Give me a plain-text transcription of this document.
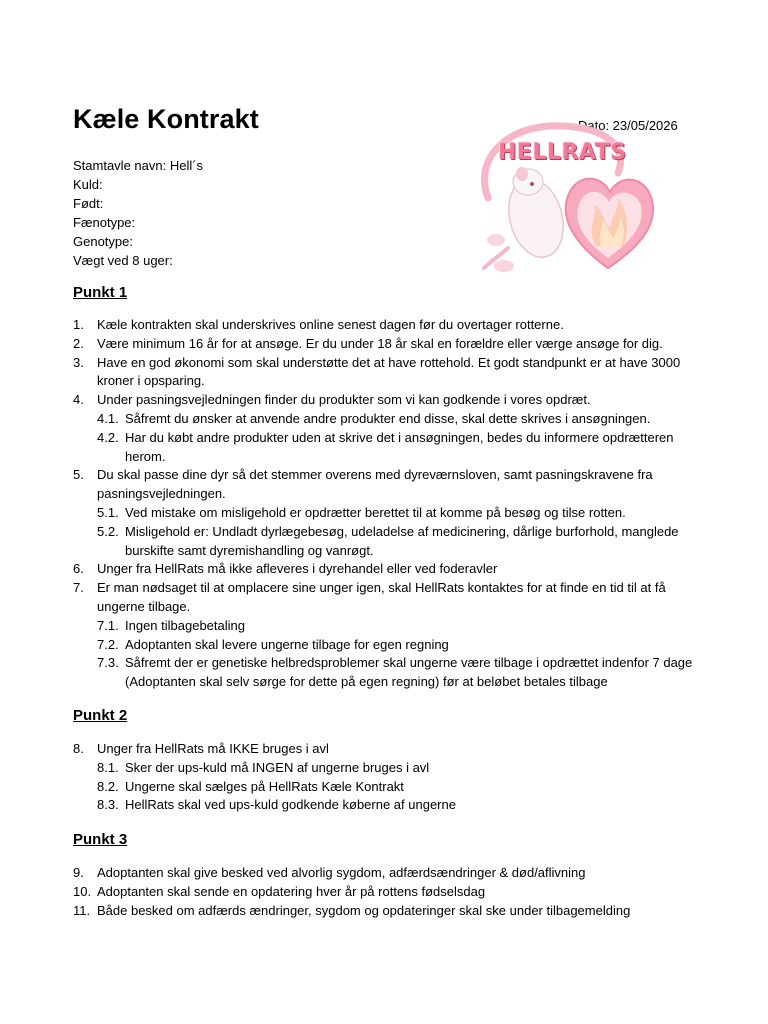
Kæle Kontrakt	Dato: 23/05/2026
HELLRATS
Stamtavle navn: Hell´s
Kuld:
Født:
Fænotype:
Genotype:
Vægt ved 8 uger:
Punkt 1
1. Kæle kontrakten skal underskrives online senest dagen før du overtager rotterne.
2. Være minimum 16 år for at ansøge. Er du under 18 år skal en forældre eller værge ansøge for dig.
3. Have en god økonomi som skal understøtte det at have rottehold. Et godt standpunkt er at have 3000 kroner i opsparing.
4. Under pasningsvejledningen finder du produkter som vi kan godkende i vores opdræt.
4.1. Såfremt du ønsker at anvende andre produkter end disse, skal dette skrives i ansøgningen.
4.2. Har du købt andre produkter uden at skrive det i ansøgningen, bedes du informere opdrætteren herom.
5. Du skal passe dine dyr så det stemmer overens med dyreværnsloven, samt pasningskravene fra pasningsvejledningen.
5.1. Ved mistake om misligehold er opdrætter berettet til at komme på besøg og tilse rotten.
5.2. Misligehold er: Undladt dyrlægebesøg, udeladelse af medicinering, dårlige burforhold, manglede burskifte samt dyremishandling og vanrøgt.
6. Unger fra HellRats må ikke afleveres i dyrehandel eller ved foderavler
7. Er man nødsaget til at omplacere sine unger igen, skal HellRats kontaktes for at finde en tid til at få ungerne tilbage.
7.1. Ingen tilbagebetaling
7.2. Adoptanten skal levere ungerne tilbage for egen regning
7.3. Såfremt der er genetiske helbredsproblemer skal ungerne være tilbage i opdrættet indenfor 7 dage (Adoptanten skal selv sørge for dette på egen regning) før at beløbet betales tilbage
Punkt 2
8. Unger fra HellRats må IKKE bruges i avl
8.1. Sker der ups-kuld må INGEN af ungerne bruges i avl
8.2. Ungerne skal sælges på HellRats Kæle Kontrakt
8.3. HellRats skal ved ups-kuld godkende køberne af ungerne
Punkt 3
9. Adoptanten skal give besked ved alvorlig sygdom, adfærdsændringer & død/aflivning
10. Adoptanten skal sende en opdatering hver år på rottens fødselsdag
11. Både besked om adfærds ændringer, sygdom og opdateringer skal ske under tilbagemelding
